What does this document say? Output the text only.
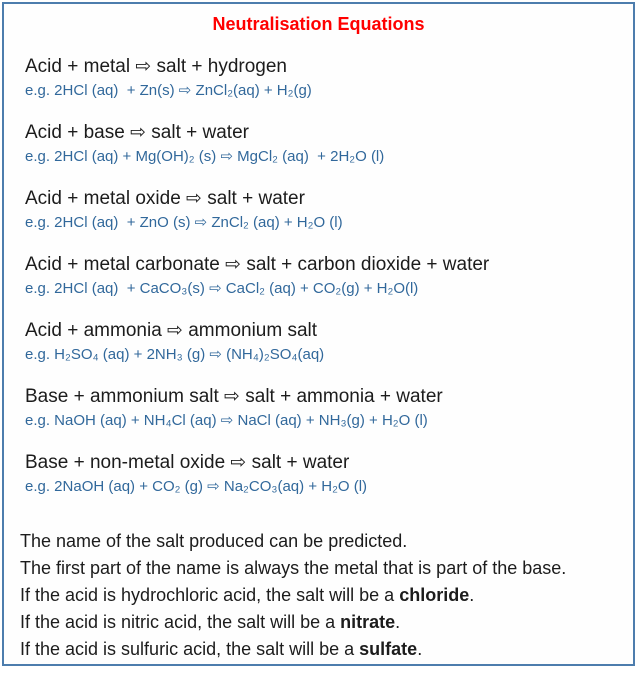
Neutralisation Equations
Acid + metal ⇨ salt + hydrogen
e.g. 2HCl (aq)  + Zn(s) ⇨ ZnCl₂(aq) + H₂(g)
Acid + base ⇨ salt + water
e.g. 2HCl (aq) + Mg(OH)₂ (s) ⇨ MgCl₂ (aq)  + 2H₂O (l)
Acid + metal oxide ⇨ salt + water
e.g. 2HCl (aq)  + ZnO (s) ⇨ ZnCl₂ (aq) + H₂O (l)
Acid + metal carbonate ⇨ salt + carbon dioxide + water
e.g. 2HCl (aq)  + CaCO₃(s) ⇨ CaCl₂ (aq) + CO₂(g) + H₂O(l)
Acid + ammonia ⇨ ammonium salt
e.g. H₂SO₄ (aq) + 2NH₃ (g) ⇨ (NH₄)₂SO₄(aq)
Base + ammonium salt ⇨ salt + ammonia + water
e.g. NaOH (aq) + NH₄Cl (aq) ⇨ NaCl (aq) + NH₃(g) + H₂O (l)
Base + non-metal oxide ⇨ salt + water
e.g. 2NaOH (aq) + CO₂ (g) ⇨ Na₂CO₃(aq) + H₂O (l)
The name of the salt produced can be predicted.
The first part of the name is always the metal that is part of the base.
If the acid is hydrochloric acid, the salt will be a chloride.
If the acid is nitric acid, the salt will be a nitrate.
If the acid is sulfuric acid, the salt will be a sulfate.
